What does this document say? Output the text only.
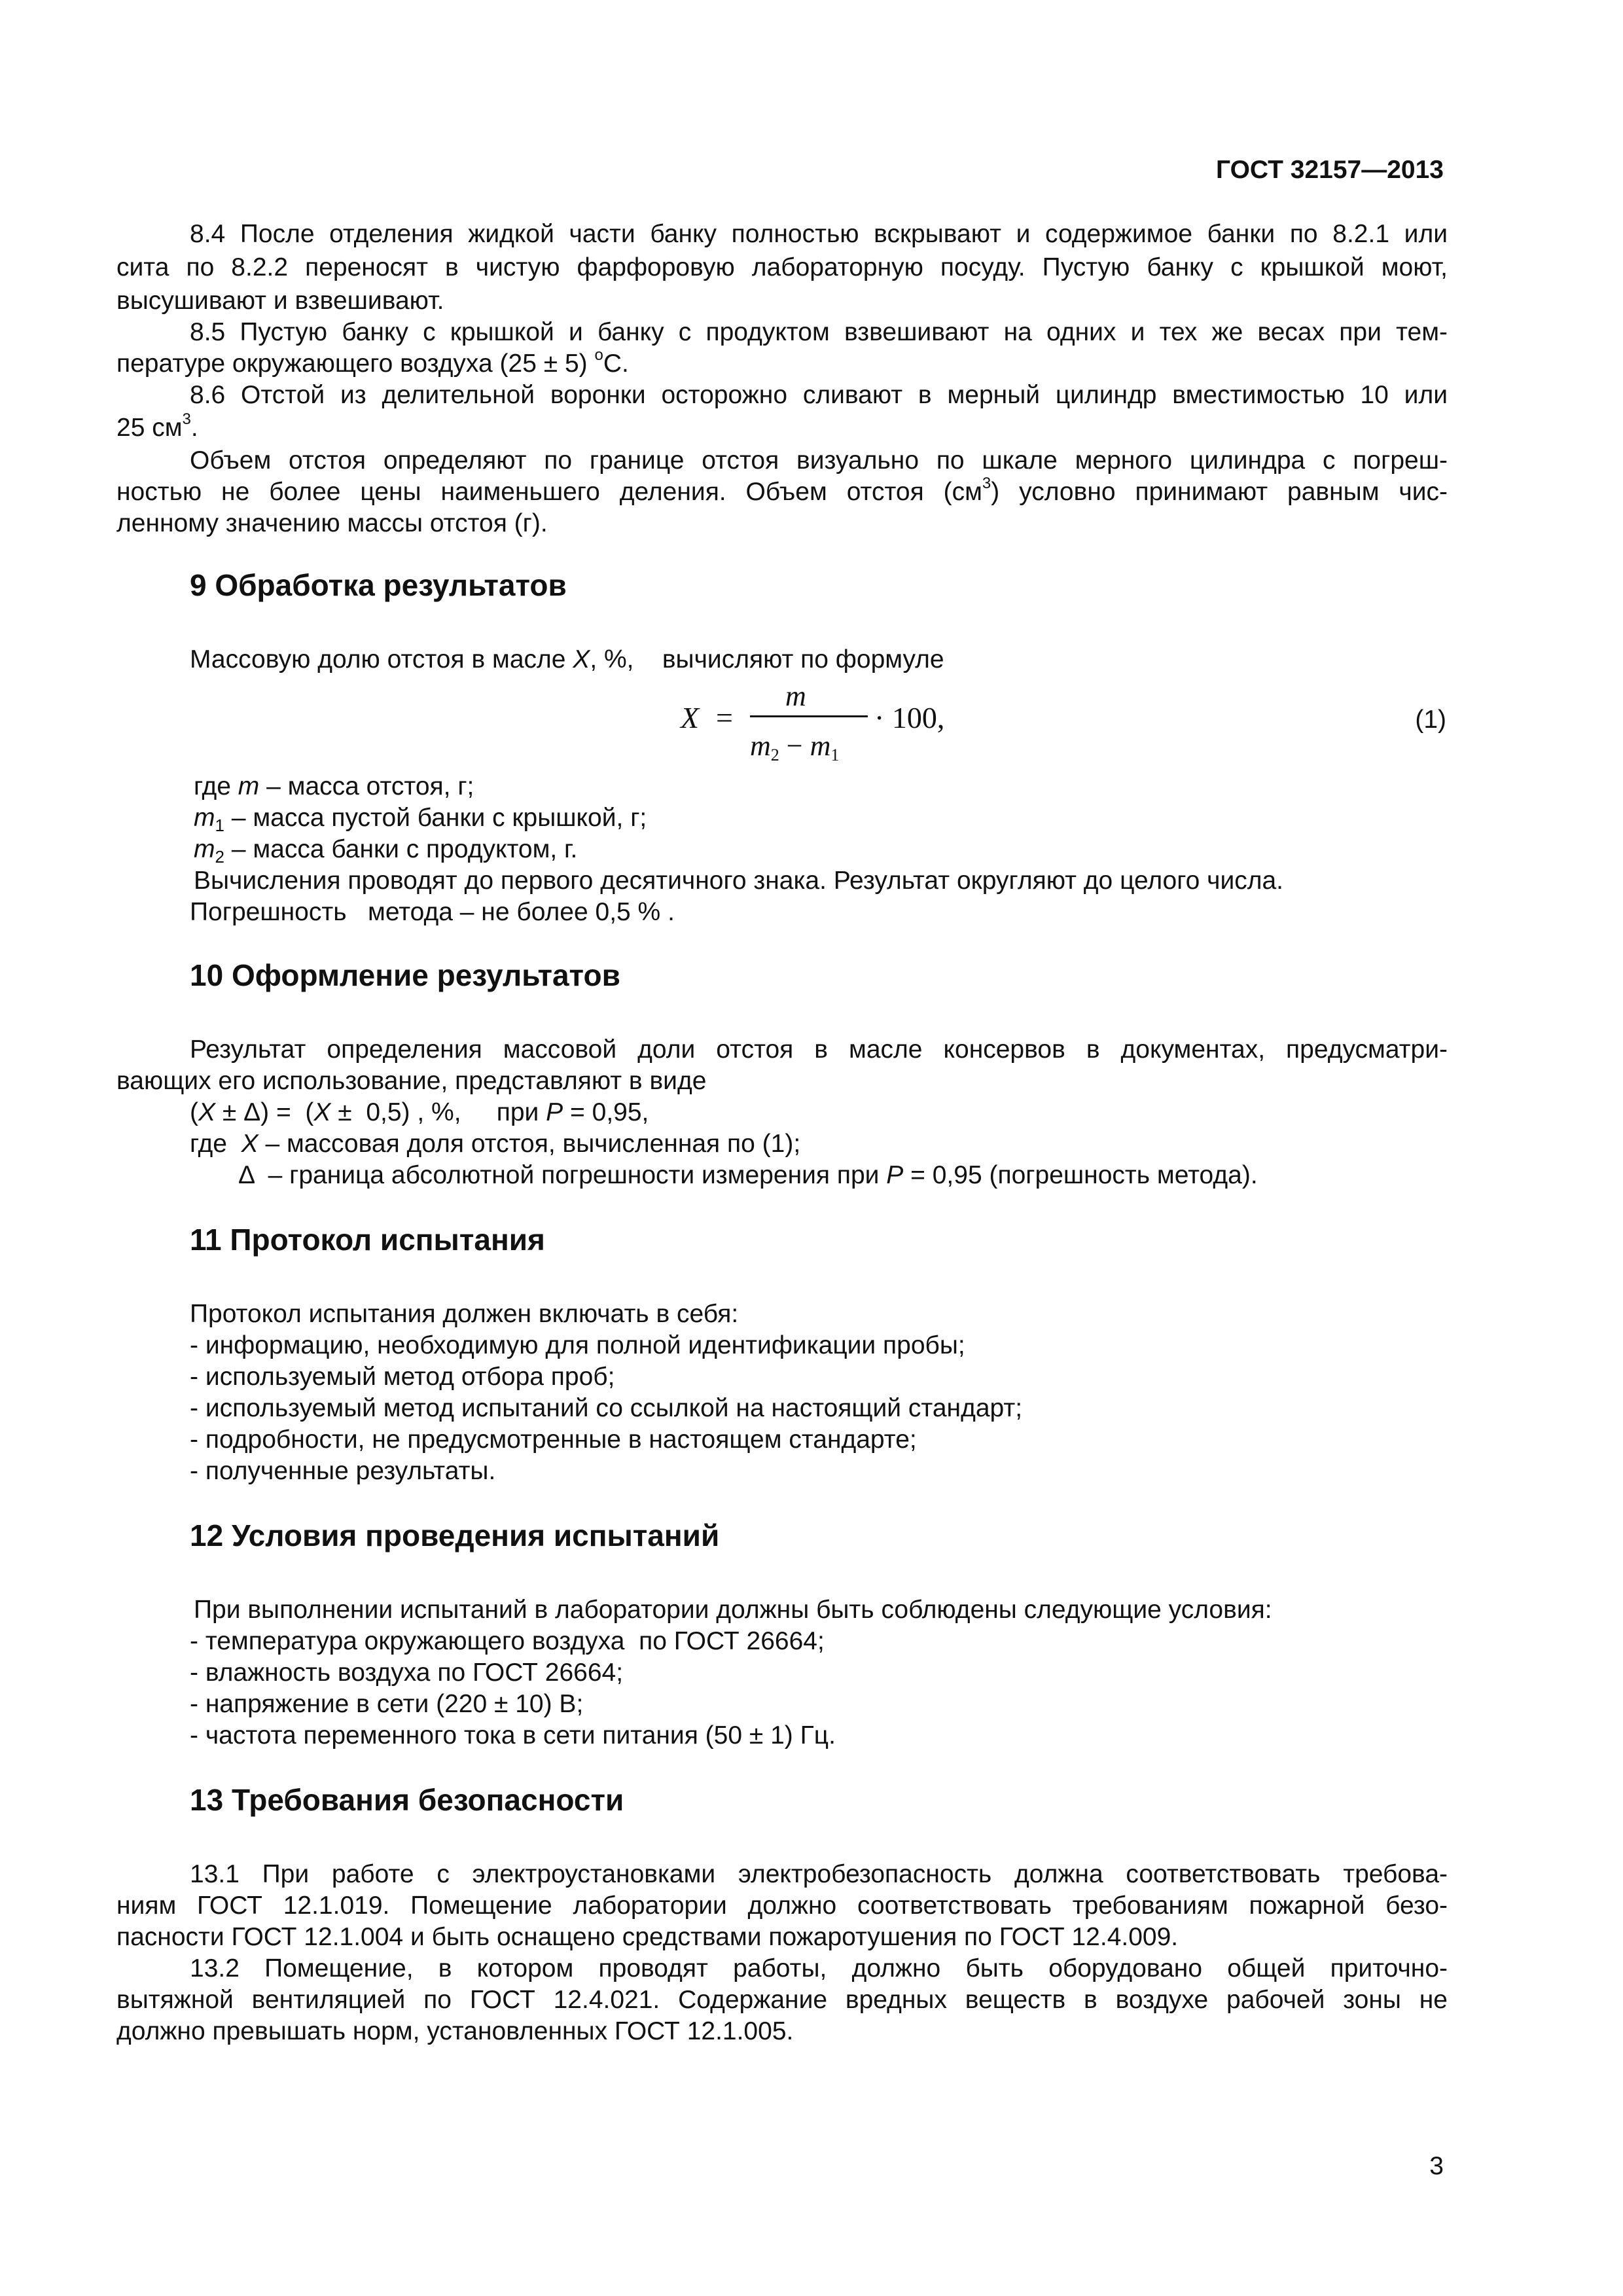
ГОСТ 32157—2013
8.4 После отделения жидкой части банку полностью вскрывают и содержимое банки по 8.2.1 или
сита по 8.2.2 переносят в чистую фарфоровую лабораторную посуду. Пустую банку с крышкой моют,
высушивают и взвешивают.
8.5 Пустую банку с крышкой и банку с продуктом взвешивают на одних и тех же весах при тем-
пературе окружающего воздуха (25 ± 5) $^о$С.
8.6 Отстой из делительной воронки осторожно сливают в мерный цилиндр вместимостью 10 или
25 $см^3$.
Объем отстоя определяют по границе отстоя визуально по шкале мерного цилиндра с погреш-
ностью не более цены наименьшего деления. Объем отстоя $(см^3)$ условно принимают равным чис-
ленному значению массы отстоя (г).
9 Обработка результатов
Массовую долю отстоя в масле X, %,    вычисляют по формуле
X =
m
$m_2 - m_1$
· 100,	(1)
где m – масса отстоя, г;
$m_1$ – масса пустой банки с крышкой, г;
$m_2$ – масса банки с продуктом, г.
Вычисления проводят до первого десятичного знака. Результат округляют до целого числа.
Погрешность   метода – не более 0,5 % .
10 Оформление результатов
Результат определения массовой доли отстоя в масле консервов в документах, предусматри-
вающих его использование, представляют в виде
(X ± Δ) =  (X ±  0,5) , %,     при P = 0,95,
где  X – массовая доля отстоя, вычисленная по (1);
Δ  – граница абсолютной погрешности измерения при P = 0,95 (погрешность метода).
11 Протокол испытания
Протокол испытания должен включать в себя:
- информацию, необходимую для полной идентификации пробы;
- используемый метод отбора проб;
- используемый метод испытаний со ссылкой на настоящий стандарт;
- подробности, не предусмотренные в настоящем стандарте;
- полученные результаты.
12 Условия проведения испытаний
При выполнении испытаний в лаборатории должны быть соблюдены следующие условия:
- температура окружающего воздуха  по ГОСТ 26664;
- влажность воздуха по ГОСТ 26664;
- напряжение в сети (220 ± 10) В;
- частота переменного тока в сети питания (50 ± 1) Гц.
13 Требования безопасности
13.1 При работе с электроустановками электробезопасность должна соответствовать требова-
ниям ГОСТ 12.1.019. Помещение лаборатории должно соответствовать требованиям пожарной безо-
пасности ГОСТ 12.1.004 и быть оснащено средствами пожаротушения по ГОСТ 12.4.009.
13.2 Помещение, в котором проводят работы, должно быть оборудовано общей приточно-
вытяжной вентиляцией по ГОСТ 12.4.021. Содержание вредных веществ в воздухе рабочей зоны не
должно превышать норм, установленных ГОСТ 12.1.005.
3
